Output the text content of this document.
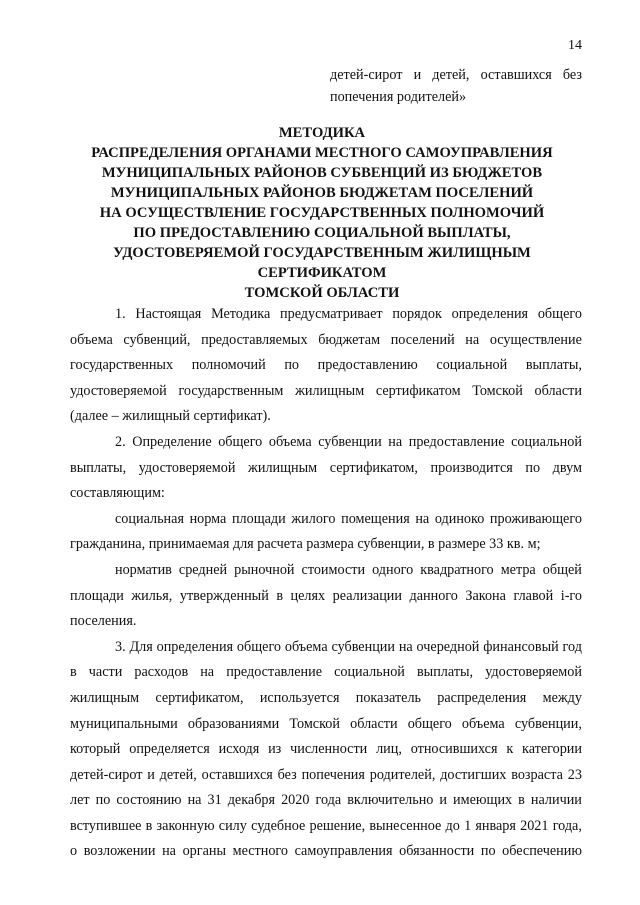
14
детей-сирот и детей, оставшихся без
попечения родителей»
МЕТОДИКА
РАСПРЕДЕЛЕНИЯ ОРГАНАМИ МЕСТНОГО САМОУПРАВЛЕНИЯ
МУНИЦИПАЛЬНЫХ РАЙОНОВ СУБВЕНЦИЙ ИЗ БЮДЖЕТОВ
МУНИЦИПАЛЬНЫХ РАЙОНОВ БЮДЖЕТАМ ПОСЕЛЕНИЙ
НА ОСУЩЕСТВЛЕНИЕ ГОСУДАРСТВЕННЫХ ПОЛНОМОЧИЙ
ПО ПРЕДОСТАВЛЕНИЮ СОЦИАЛЬНОЙ ВЫПЛАТЫ,
УДОСТОВЕРЯЕМОЙ ГОСУДАРСТВЕННЫМ ЖИЛИЩНЫМ
СЕРТИФИКАТОМ
ТОМСКОЙ ОБЛАСТИ
1. Настоящая Методика предусматривает порядок определения общего
объема субвенций, предоставляемых бюджетам поселений на осуществление
государственных полномочий по предоставлению социальной выплаты,
удостоверяемой государственным жилищным сертификатом Томской области
(далее – жилищный сертификат).
2. Определение общего объема субвенции на предоставление социальной
выплаты, удостоверяемой жилищным сертификатом, производится по двум
составляющим:
социальная норма площади жилого помещения на одиноко проживающего
гражданина, принимаемая для расчета размера субвенции, в размере 33 кв. м;
норматив средней рыночной стоимости одного квадратного метра общей
площади жилья, утвержденный в целях реализации данного Закона главой i-го
поселения.
3. Для определения общего объема субвенции на очередной финансовый год
в части расходов на предоставление социальной выплаты, удостоверяемой
жилищным сертификатом, используется показатель распределения между
муниципальными образованиями Томской области общего объема субвенции,
который определяется исходя из численности лиц, относившихся к категории
детей-сирот и детей, оставшихся без попечения родителей, достигших возраста 23
лет по состоянию на 31 декабря 2020 года включительно и имеющих в наличии
вступившее в законную силу судебное решение, вынесенное до 1 января 2021 года,
о возложении на органы местного самоуправления обязанности по обеспечению
